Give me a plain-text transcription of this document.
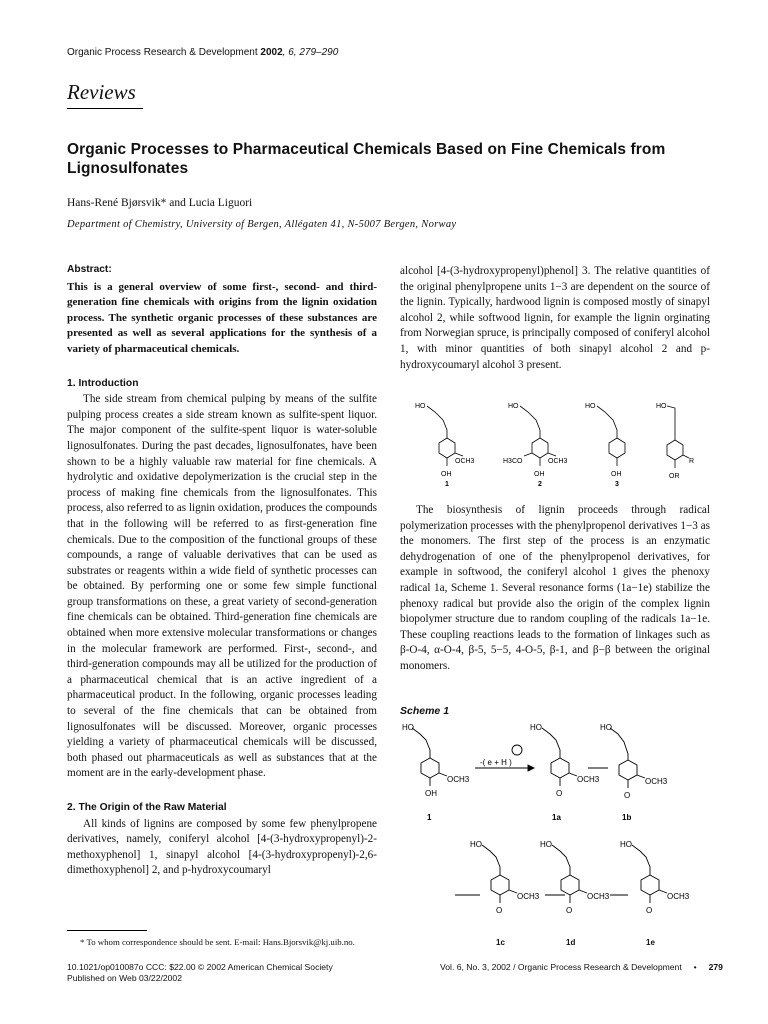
Organic Process Research & Development 2002, 6, 279–290
Reviews
Organic Processes to Pharmaceutical Chemicals Based on Fine Chemicals from Lignosulfonates
Hans-René Bjørsvik* and Lucia Liguori
Department of Chemistry, University of Bergen, Allégaten 41, N-5007 Bergen, Norway
Abstract:
This is a general overview of some first-, second- and third-generation fine chemicals with origins from the lignin oxidation process. The synthetic organic processes of these substances are presented as well as several applications for the synthesis of a variety of pharmaceutical chemicals.
1. Introduction

The side stream from chemical pulping by means of the sulfite pulping process creates a side stream known as sulfite-spent liquor. The major component of the sulfite-spent liquor is water-soluble lignosulfonates. During the past decades, lignosulfonates, have been shown to be a highly valuable raw material for fine chemicals. A hydrolytic and oxidative depolymerization is the crucial step in the process of making fine chemicals from the lignosulfonates. This process, also referred to as lignin oxidation, produces the compounds that in the following will be referred to as first-generation fine chemicals. Due to the composition of the functional groups of these compounds, a range of valuable derivatives that can be used as substrates or reagents within a wide field of synthetic processes can be obtained. By performing one or some few simple functional group transformations on these, a great variety of second-generation fine chemicals can be obtained. Third-generation fine chemicals are obtained when more extensive molecular transformations or changes in the molecular framework are performed. First-, second-, and third-generation compounds may all be utilized for the production of a pharmaceutical chemical that is an active ingredient of a pharmaceutical product. In the following, organic processes leading to several of the fine chemicals that can be obtained from lignosulfonates will be discussed. Moreover, organic processes yielding a variety of pharmaceutical chemicals will be discussed, both phased out pharmaceuticals as well as substances that at the moment are in the early-development phase.

2. The Origin of the Raw Material

All kinds of lignins are composed by some few phenylpropene derivatives, namely, coniferyl alcohol [4-(3-hydroxypropenyl)-2-methoxyphenol] 1, sinapyl alcohol [4-(3-hydroxypropenyl)-2,6-dimethoxyphenol] 2, and p-hydroxycoumaryl

alcohol [4-(3-hydroxypropenyl)phenol] 3. The relative quantities of the original phenylpropene units 1−3 are dependent on the source of the lignin. Typically, hardwood lignin is composed mostly of sinapyl alcohol 2, while softwood lignin, for example the lignin orginating from Norwegian spruce, is principally composed of coniferyl alcohol 1, with minor quantities of both sinapyl alcohol 2 and p-hydroxycoumaryl alcohol 3 present.

HO
OCH3
OH
1
HO
OCH3
H3CO
OH
2
HO
OH
3
HO
R
OR

The biosynthesis of lignin proceeds through radical polymerization processes with the phenylpropenol derivatives 1−3 as the monomers. The first step of the process is an enzymatic dehydrogenation of one of the phenylpropenol derivatives, for example in softwood, the coniferyl alcohol 1 gives the phenoxy radical 1a, Scheme 1. Several resonance forms (1a−1e) stabilize the phenoxy radical but provide also the origin of the complex lignin biopolymer structure due to random coupling of the radicals 1a−1e. These coupling reactions leads to the formation of linkages such as β-O-4, α-O-4, β-5, 5−5, 4-O-5, β-1, and β−β between the original monomers.

Scheme 1
HO
OCH3
OH
1
-( e + H )
HO
OCH3
O
1a
HO
OCH3
O
1b
HO
OCH3
O
HO
OCH3
O
HO
OCH3
O
1c	1d	1e
* To whom correspondence should be sent. E-mail: Hans.Bjorsvik@kj.uib.no.
10.1021/op010087o CCC: $22.00 © 2002 American Chemical Society
Published on Web 03/22/2002
Vol. 6, No. 3, 2002 / Organic Process Research & Development • 279
